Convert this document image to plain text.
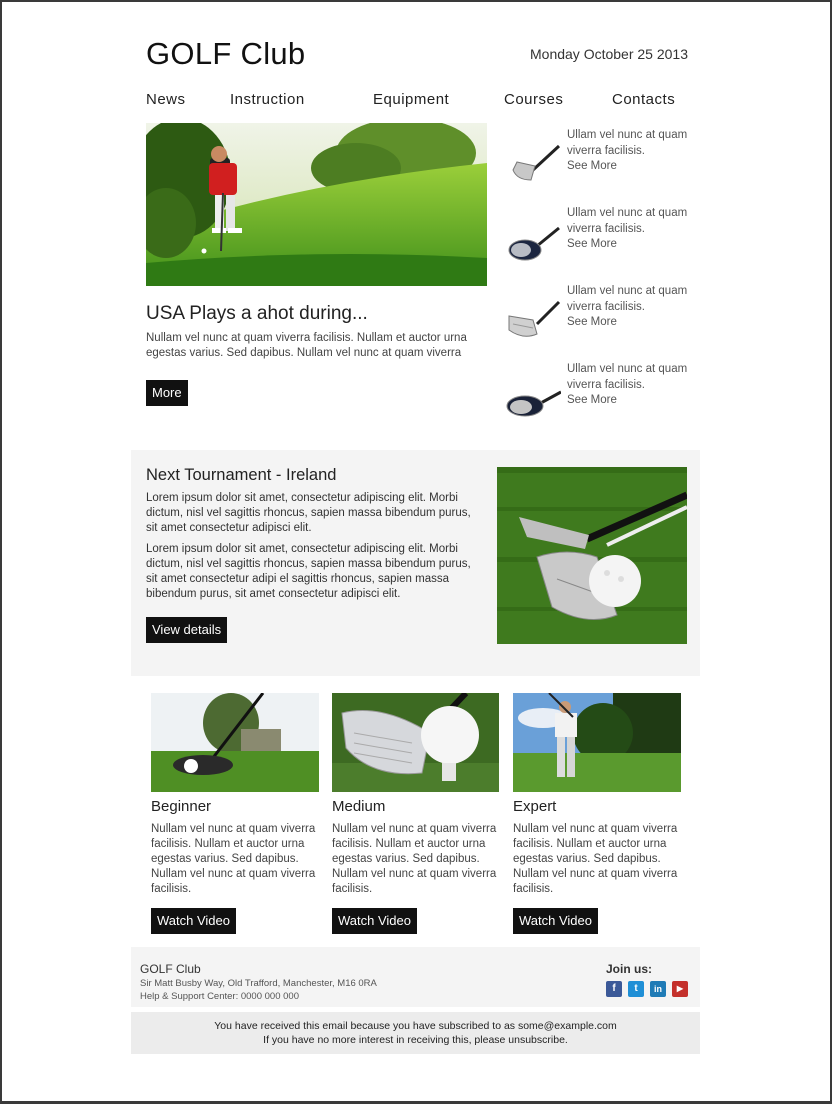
GOLF Club	Monday October 25 2013
News	Instruction	Equipment	Courses	Contacts
USA Plays a ahot during...
Nullam vel nunc at quam viverra facilisis. Nullam et auctor urna egestas varius. Sed dapibus. Nullam vel nunc at quam viverra
More
Ullam vel nunc at quam viverra facilisis.
See More
Ullam vel nunc at quam viverra facilisis.
See More
Ullam vel nunc at quam viverra facilisis.
See More
Ullam vel nunc at quam viverra facilisis.
See More
Next Tournament - Ireland
Lorem ipsum dolor sit amet, consectetur adipiscing elit. Morbi dictum, nisl vel sagittis rhoncus, sapien massa bibendum purus, sit amet consectetur adipisci elit.
Lorem ipsum dolor sit amet, consectetur adipiscing elit. Morbi dictum, nisl vel sagittis rhoncus, sapien massa bibendum purus, sit amet consectetur adipi el sagittis rhoncus, sapien massa bibendum purus, sit amet consectetur adipisci elit.
View details
Beginner
Nullam vel nunc at quam viverra facilisis. Nullam et auctor urna egestas varius. Sed dapibus. Nullam vel nunc at quam viverra facilisis.
Watch Video
Medium
Nullam vel nunc at quam viverra facilisis. Nullam et auctor urna egestas varius. Sed dapibus. Nullam vel nunc at quam viverra facilisis.
Watch Video
Expert
Nullam vel nunc at quam viverra facilisis. Nullam et auctor urna egestas varius. Sed dapibus. Nullam vel nunc at quam viverra facilisis.
Watch Video
GOLF Club
Sir Matt Busby Way, Old Trafford, Manchester, M16 0RA
Help & Support Center: 0000 000 000
Join us:
f	t	in	▶
You have received this email because you have subscribed to as some@example.com
If you have no more interest in receiving this, please unsubscribe.
